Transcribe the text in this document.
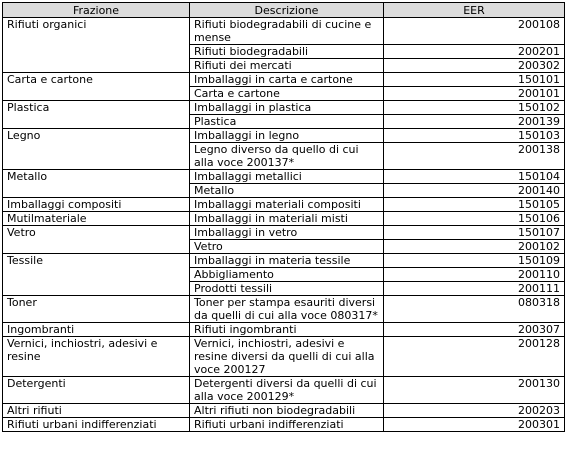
Frazione	Descrizione	EER
Rifiuti organici	Rifiuti biodegradabili di cucine e mense	200108
	Rifiuti biodegradabili	200201
	Rifiuti dei mercati	200302
Carta e cartone	Imballaggi in carta e cartone	150101
	Carta e cartone	200101
Plastica	Imballaggi in plastica	150102
	Plastica	200139
Legno	Imballaggi in legno	150103
	Legno diverso da quello di cui alla voce 200137*	200138
Metallo	Imballaggi metallici	150104
	Metallo	200140
Imballaggi compositi	Imballaggi materiali compositi	150105
Mutilmateriale	Imballaggi in materiali misti	150106
Vetro	Imballaggi in vetro	150107
	Vetro	200102
Tessile	Imballaggi in materia tessile	150109
	Abbigliamento	200110
	Prodotti tessili	200111
Toner	Toner per stampa esauriti diversi da quelli di cui alla voce 080317*	080318
Ingombranti	Rifiuti ingombranti	200307
Vernici, inchiostri, adesivi e resine	Vernici, inchiostri, adesivi e resine diversi da quelli di cui alla voce 200127	200128
Detergenti	Detergenti diversi da quelli di cui alla voce 200129*	200130
Altri rifiuti	Altri rifiuti non biodegradabili	200203
Rifiuti urbani indifferenziati	Rifiuti urbani indifferenziati	200301
